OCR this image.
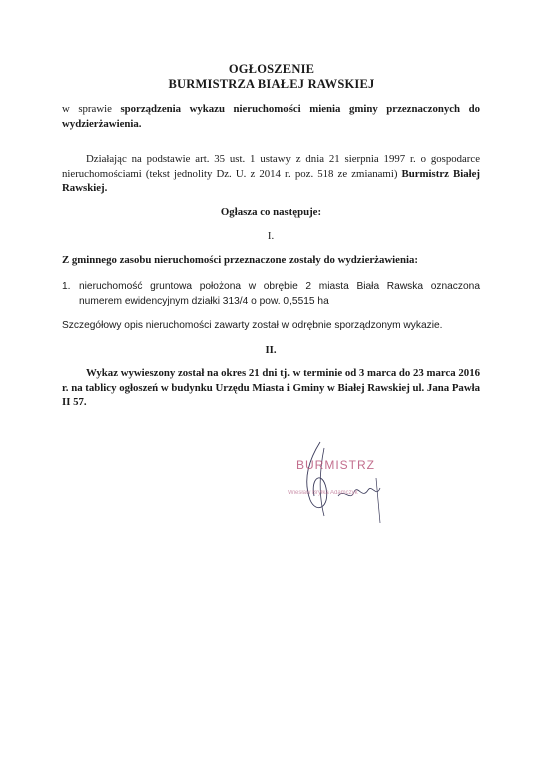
OGŁOSZENIE
BURMISTRZA BIAŁEJ RAWSKIEJ
w sprawie sporządzenia wykazu nieruchomości mienia gminy przeznaczonych do wydzierżawienia.
Działając na podstawie art. 35 ust. 1 ustawy z dnia 21 sierpnia 1997 r. o gospodarce nieruchomościami (tekst jednolity Dz. U. z 2014 r. poz. 518 ze zmianami) Burmistrz Białej Rawskiej.
Ogłasza co następuje:
I.
Z gminnego zasobu nieruchomości przeznaczone zostały do wydzierżawienia:
1. nieruchomość gruntowa położona w obrębie 2 miasta Biała Rawska oznaczona numerem ewidencyjnym działki 313/4 o pow. 0,5515 ha
Szczegółowy opis nieruchomości zawarty został w odrębnie sporządzonym wykazie.
II.
Wykaz wywieszony został na okres 21 dni tj. w terminie od 3 marca do 23 marca 2016 r. na tablicy ogłoszeń w budynku Urzędu Miasta i Gminy w Białej Rawskiej ul. Jana Pawła II 57.
BURMISTRZ
Wiesław Bryłka Adamczyk
